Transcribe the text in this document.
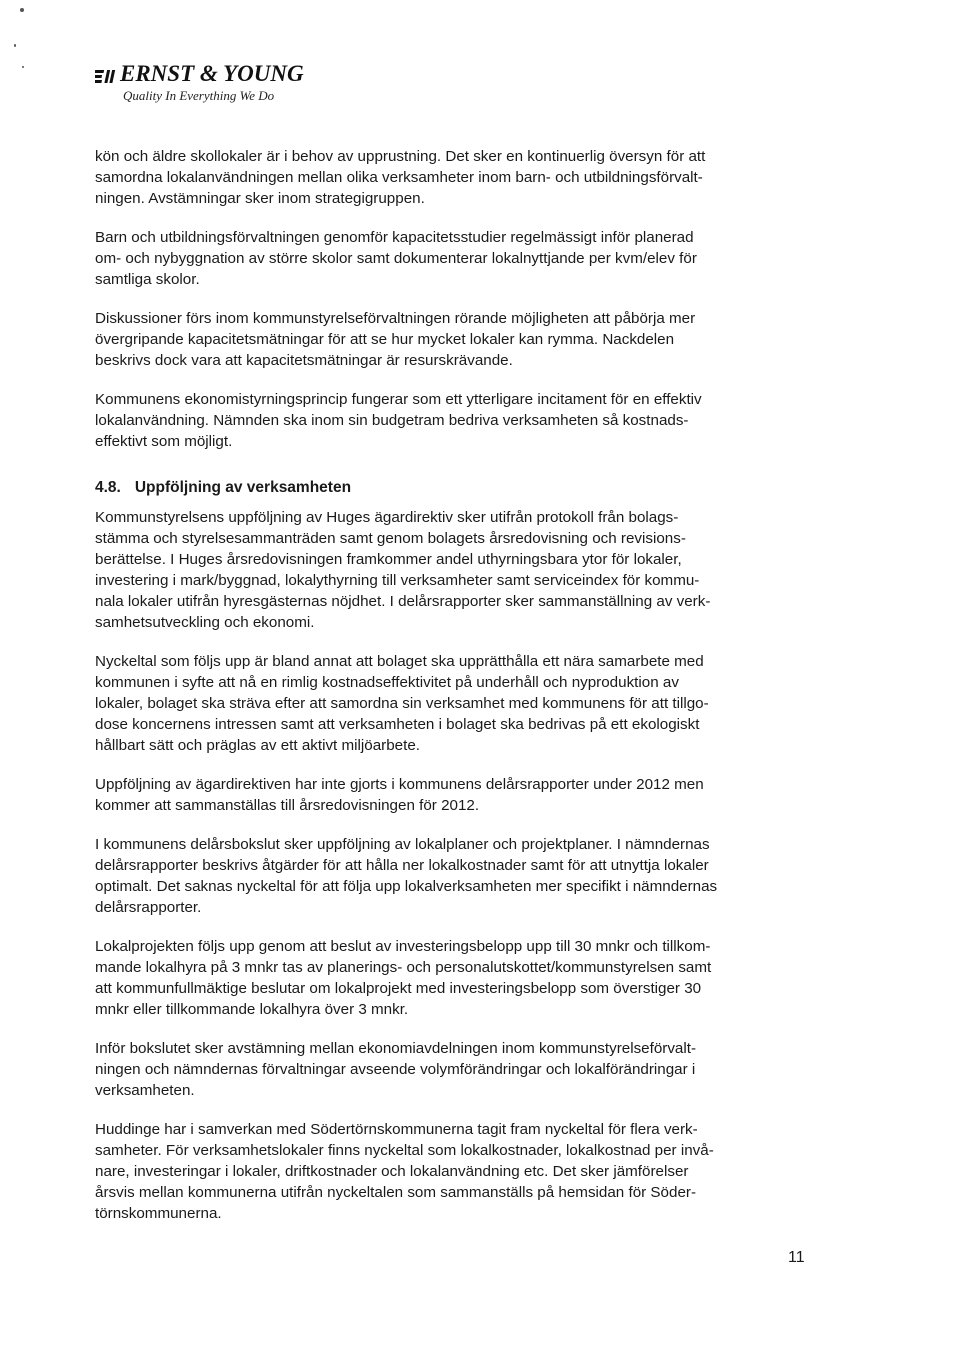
ERNST & YOUNG
Quality In Everything We Do

kön och äldre skollokaler är i behov av upprustning. Det sker en kontinuerlig översyn för att
samordna lokalanvändningen mellan olika verksamheter inom barn- och utbildningsförvalt-
ningen. Avstämningar sker inom strategigruppen.

Barn och utbildningsförvaltningen genomför kapacitetsstudier regelmässigt inför planerad
om- och nybyggnation av större skolor samt dokumenterar lokalnyttjande per kvm/elev för
samtliga skolor.

Diskussioner förs inom kommunstyrelseförvaltningen rörande möjligheten att påbörja mer
övergripande kapacitetsmätningar för att se hur mycket lokaler kan rymma. Nackdelen
beskrivs dock vara att kapacitetsmätningar är resurskrävande.

Kommunens ekonomistyrningsprincip fungerar som ett ytterligare incitament för en effektiv
lokalanvändning. Nämnden ska inom sin budgetram bedriva verksamheten så kostnads-
effektivt som möjligt.

4.8. Uppföljning av verksamheten

Kommunstyrelsens uppföljning av Huges ägardirektiv sker utifrån protokoll från bolags-
stämma och styrelsesammanträden samt genom bolagets årsredovisning och revisions-
berättelse. I Huges årsredovisningen framkommer andel uthyrningsbara ytor för lokaler,
investering i mark/byggnad, lokalythyrning till verksamheter samt serviceindex för kommu-
nala lokaler utifrån hyresgästernas nöjdhet. I delårsrapporter sker sammanställning av verk-
samhetsutveckling och ekonomi.

Nyckeltal som följs upp är bland annat att bolaget ska upprätthålla ett nära samarbete med
kommunen i syfte att nå en rimlig kostnadseffektivitet på underhåll och nyproduktion av
lokaler, bolaget ska sträva efter att samordna sin verksamhet med kommunens för att tillgo-
dose koncernens intressen samt att verksamheten i bolaget ska bedrivas på ett ekologiskt
hållbart sätt och präglas av ett aktivt miljöarbete.

Uppföljning av ägardirektiven har inte gjorts i kommunens delårsrapporter under 2012 men
kommer att sammanställas till årsredovisningen för 2012.

I kommunens delårsbokslut sker uppföljning av lokalplaner och projektplaner. I nämndernas
delårsrapporter beskrivs åtgärder för att hålla ner lokalkostnader samt för att utnyttja lokaler
optimalt. Det saknas nyckeltal för att följa upp lokalverksamheten mer specifikt i nämndernas
delårsrapporter.

Lokalprojekten följs upp genom att beslut av investeringsbelopp upp till 30 mnkr och tillkom-
mande lokalhyra på 3 mnkr tas av planerings- och personalutskottet/kommunstyrelsen samt
att kommunfullmäktige beslutar om lokalprojekt med investeringsbelopp som överstiger 30
mnkr eller tillkommande lokalhyra över 3 mnkr.

Inför bokslutet sker avstämning mellan ekonomiavdelningen inom kommunstyrelseförvalt-
ningen och nämndernas förvaltningar avseende volymförändringar och lokalförändringar i
verksamheten.

Huddinge har i samverkan med Södertörnskommunerna tagit fram nyckeltal för flera verk-
samheter. För verksamhetslokaler finns nyckeltal som lokalkostnader, lokalkostnad per invå-
nare, investeringar i lokaler, driftkostnader och lokalanvändning etc. Det sker jämförelser
årsvis mellan kommunerna utifrån nyckeltalen som sammanställs på hemsidan för Söder-
törnskommunerna.

11
